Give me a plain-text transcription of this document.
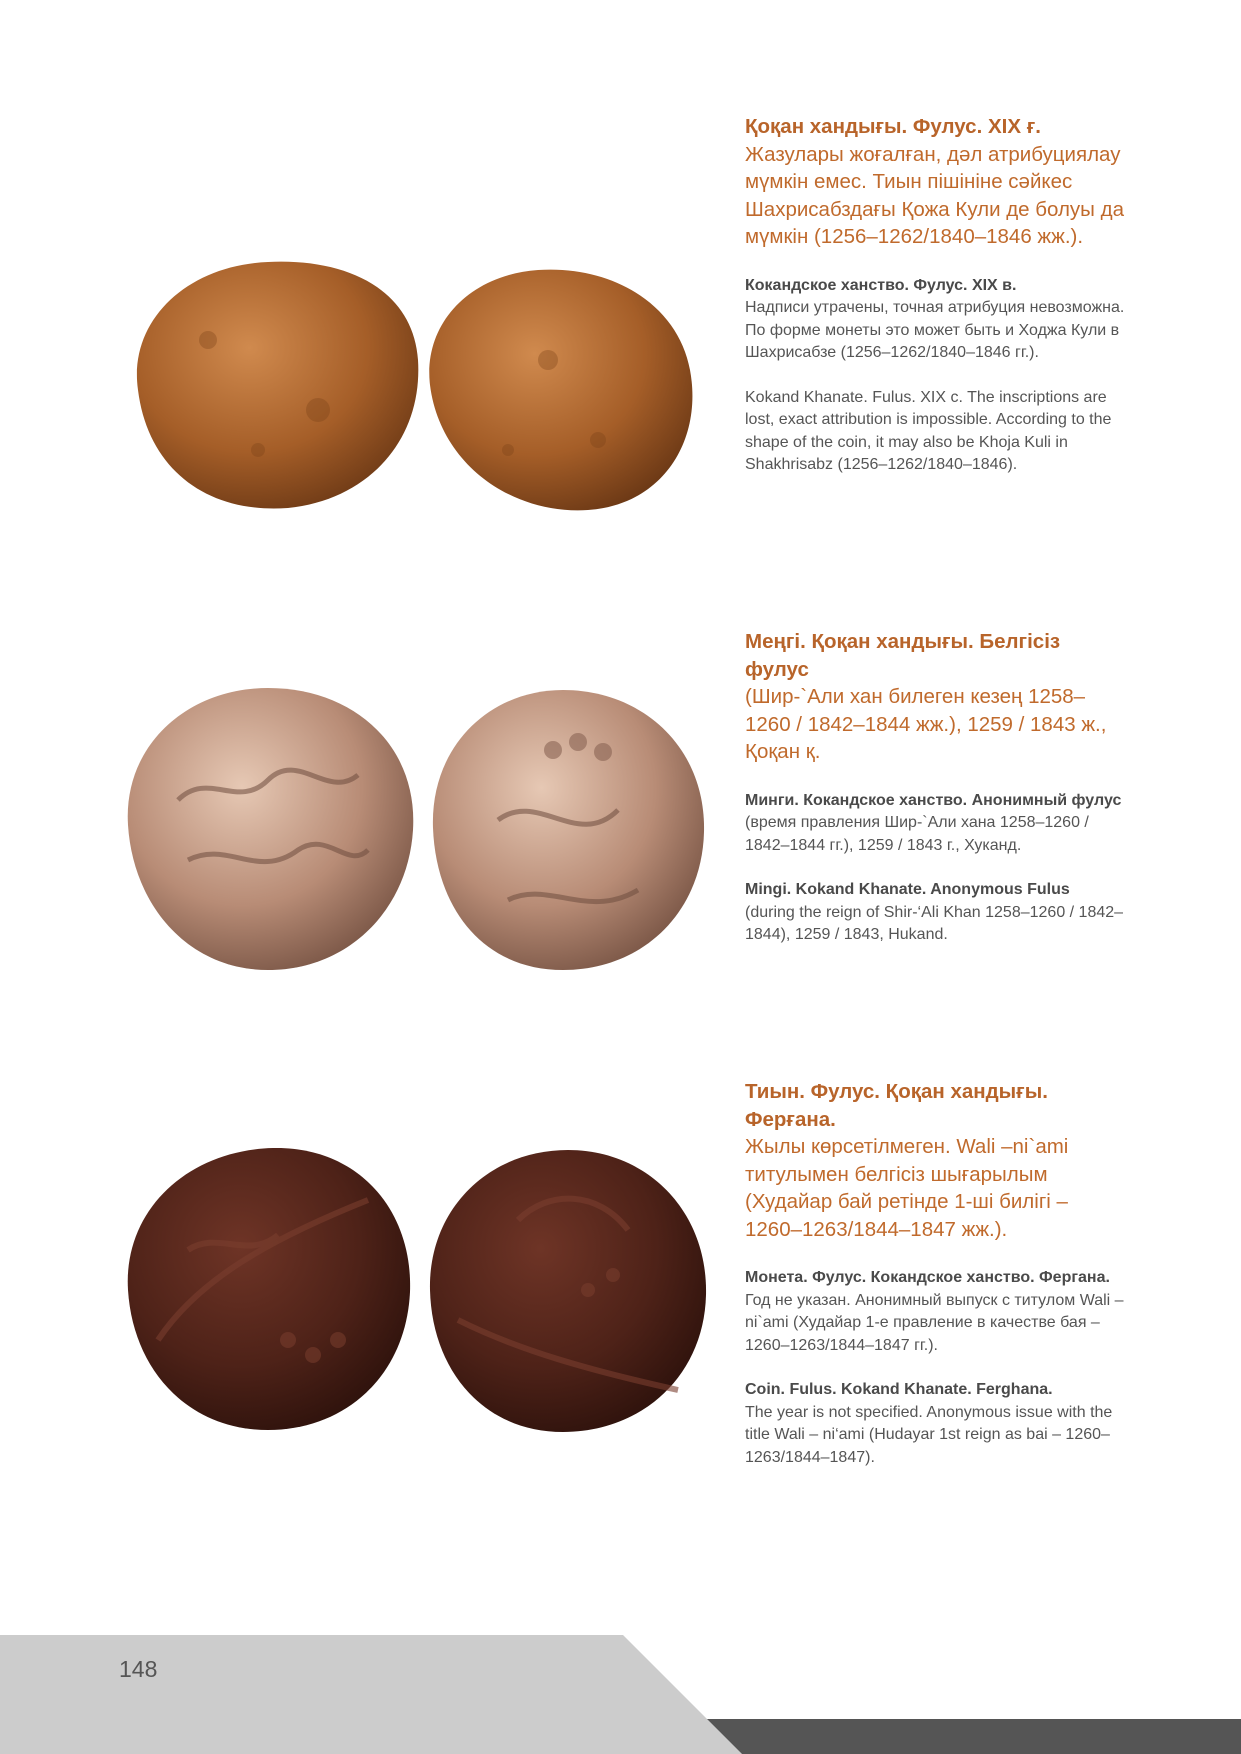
Қоқан хандығы. Фулус. XIX ғ.

Жазулары жоғалған, дәл атрибуциялау мүмкін емес. Тиын пішініне сәйкес Шахрисабздағы Қожа Кули де болуы да мүмкін (1256–1262/1840–1846 жж.).

Кокандское ханство. Фулус. XIX в.

Надписи утрачены, точная атрибуция невозможна. По форме монеты это может быть и Ходжа Кули в Шахрисабзе (1256–1262/1840–1846 гг.).

Kokand Khanate. Fulus. XIX c. The inscriptions are lost, exact attribution is impossible. According to the shape of the coin, it may also be Khoja Kuli in Shakhrisabz (1256–1262/1840–1846).

Меңгі. Қоқан хандығы. Белгісіз фулус

(Шир-`Али хан билеген кезең 1258–1260 / 1842–1844 жж.), 1259 / 1843 ж., Қоқан қ.

Минги. Кокандское ханство. Анонимный фулус

(время правления Шир-`Али хана 1258–1260 / 1842–1844 гг.), 1259 / 1843 г., Хуканд.

Mingi. Kokand Khanate. Anonymous Fulus

(during the reign of Shir-‘Ali Khan 1258–1260 / 1842–1844), 1259 / 1843, Hukand.

Тиын. Фулус. Қоқан хандығы. Ферғана.

Жылы көрсетілмеген. Wali –ni`ami титулымен белгісіз шығарылым (Худайар бай ретінде 1-ші билігі – 1260–1263/1844–1847 жж.).

Монета. Фулус. Кокандское ханство. Фергана.

Год не указан. Анонимный выпуск с титулом Wali – ni`ami (Худайар 1-е правление в качестве бая – 1260–1263/1844–1847 гг.).

Coin. Fulus. Kokand Khanate. Ferghana.

The year is not specified. Anonymous issue with the title Wali – ni‘ami (Hudayar 1st reign as bai – 1260–1263/1844–1847).

148
